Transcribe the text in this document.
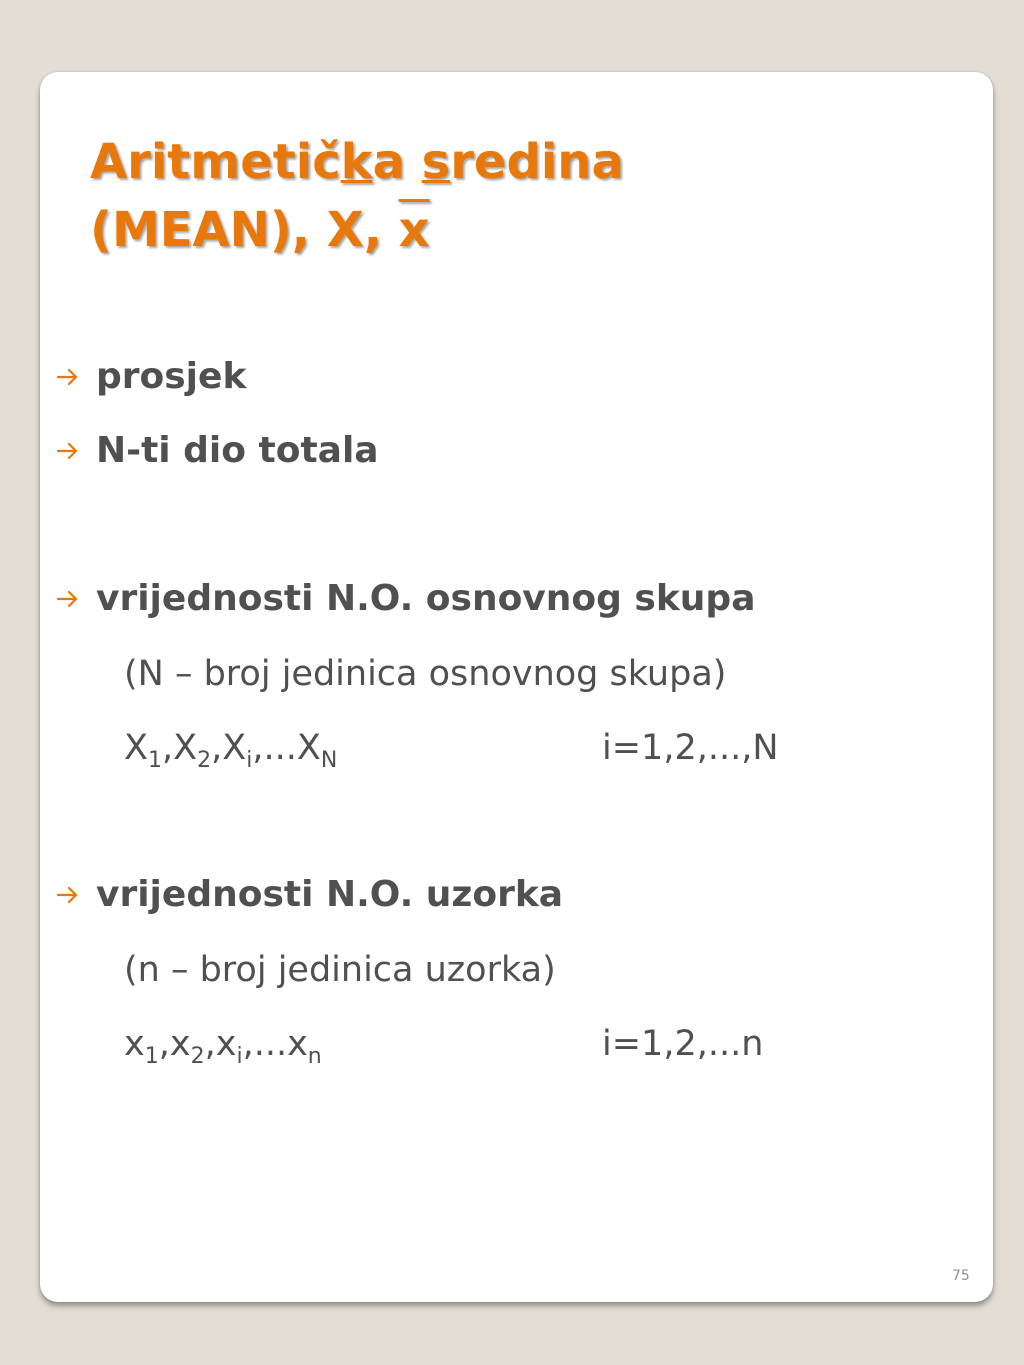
Aritmetička sredina
(MEAN), X, x
prosjek
N-ti dio totala
vrijednosti N.O. osnovnog skupa
(N – broj jedinica osnovnog skupa)
$X_1,X_2,X_i,...X_N$	i=1,2,...,N
vrijednosti N.O. uzorka
(n – broj jedinica uzorka)
$x_1,x_2,x_i,...x_n$	i=1,2,...n
75
